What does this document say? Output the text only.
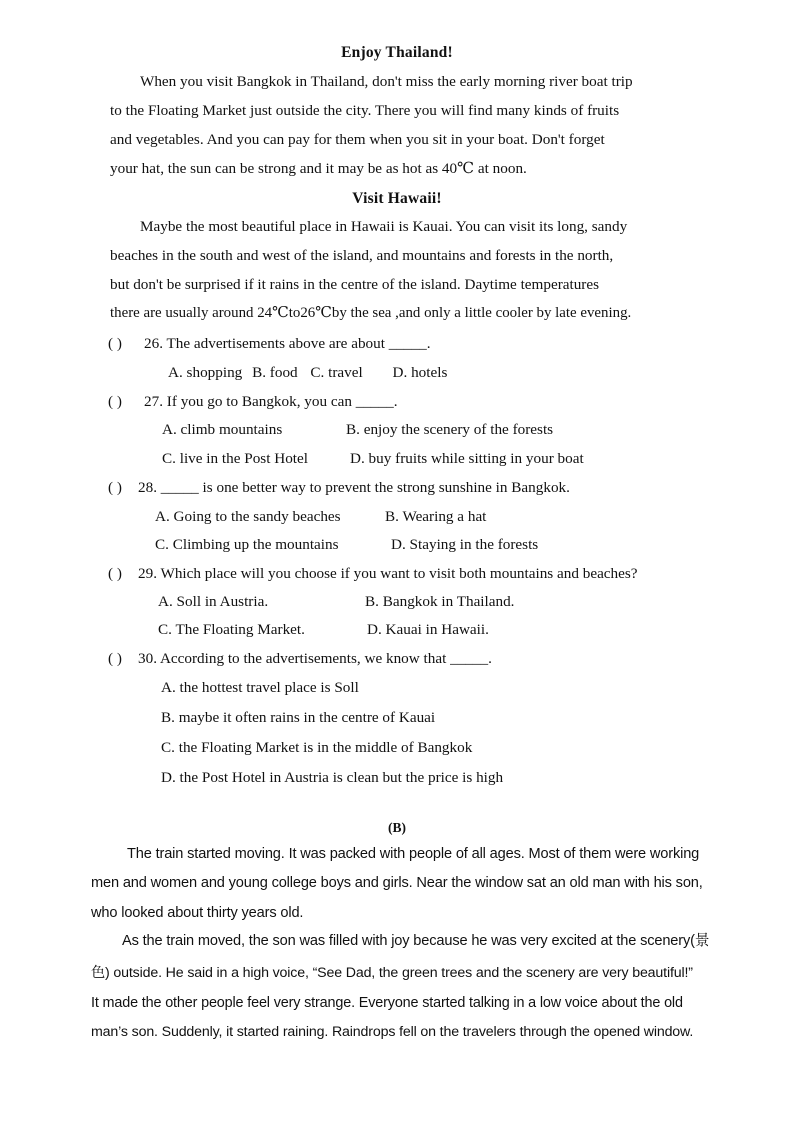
Enjoy Thailand!
When you visit Bangkok in Thailand, don't miss the early morning river boat trip
to the Floating Market just outside the city. There you will find many kinds of fruits
and vegetables. And you can pay for them when you sit in your boat. Don't forget
your hat, the sun can be strong and it may be as hot as 40℃ at noon.
Visit Hawaii!
Maybe the most beautiful place in Hawaii is Kauai. You can visit its long, sandy
beaches in the south and west of the island, and mountains and forests in the north,
but don't be surprised if it rains in the centre of the island. Daytime temperatures
there are usually around 24℃to26℃by the sea ,and only a little cooler by late evening.
( ) 26. The advertisements above are about _____.
A. shopping B. food C. travel D. hotels
( ) 27. If you go to Bangkok, you can _____.
A. climb mountains	B. enjoy the scenery of the forests
C. live in the Post Hotel	D. buy fruits while sitting in your boat
( ) 28. _____ is one better way to prevent the strong sunshine in Bangkok.
A. Going to the sandy beaches	B. Wearing a hat
C. Climbing up the mountains	D. Staying in the forests
( ) 29. Which place will you choose if you want to visit both mountains and beaches?
A. Soll in Austria.	B. Bangkok in Thailand.
C. The Floating Market.	D. Kauai in Hawaii.
( ) 30. According to the advertisements, we know that _____.
A. the hottest travel place is Soll
B. maybe it often rains in the centre of Kauai
C. the Floating Market is in the middle of Bangkok
D. the Post Hotel in Austria is clean but the price is high
(B)
The train started moving. It was packed with people of all ages. Most of them were working
men and women and young college boys and girls. Near the window sat an old man with his son,
who looked about thirty years old.
As the train moved, the son was filled with joy because he was very excited at the scenery(景
色) outside. He said in a high voice, “See Dad, the green trees and the scenery are very beautiful!”
It made the other people feel very strange. Everyone started talking in a low voice about the old
man’s son. Suddenly, it started raining. Raindrops fell on the travelers through the opened window.
